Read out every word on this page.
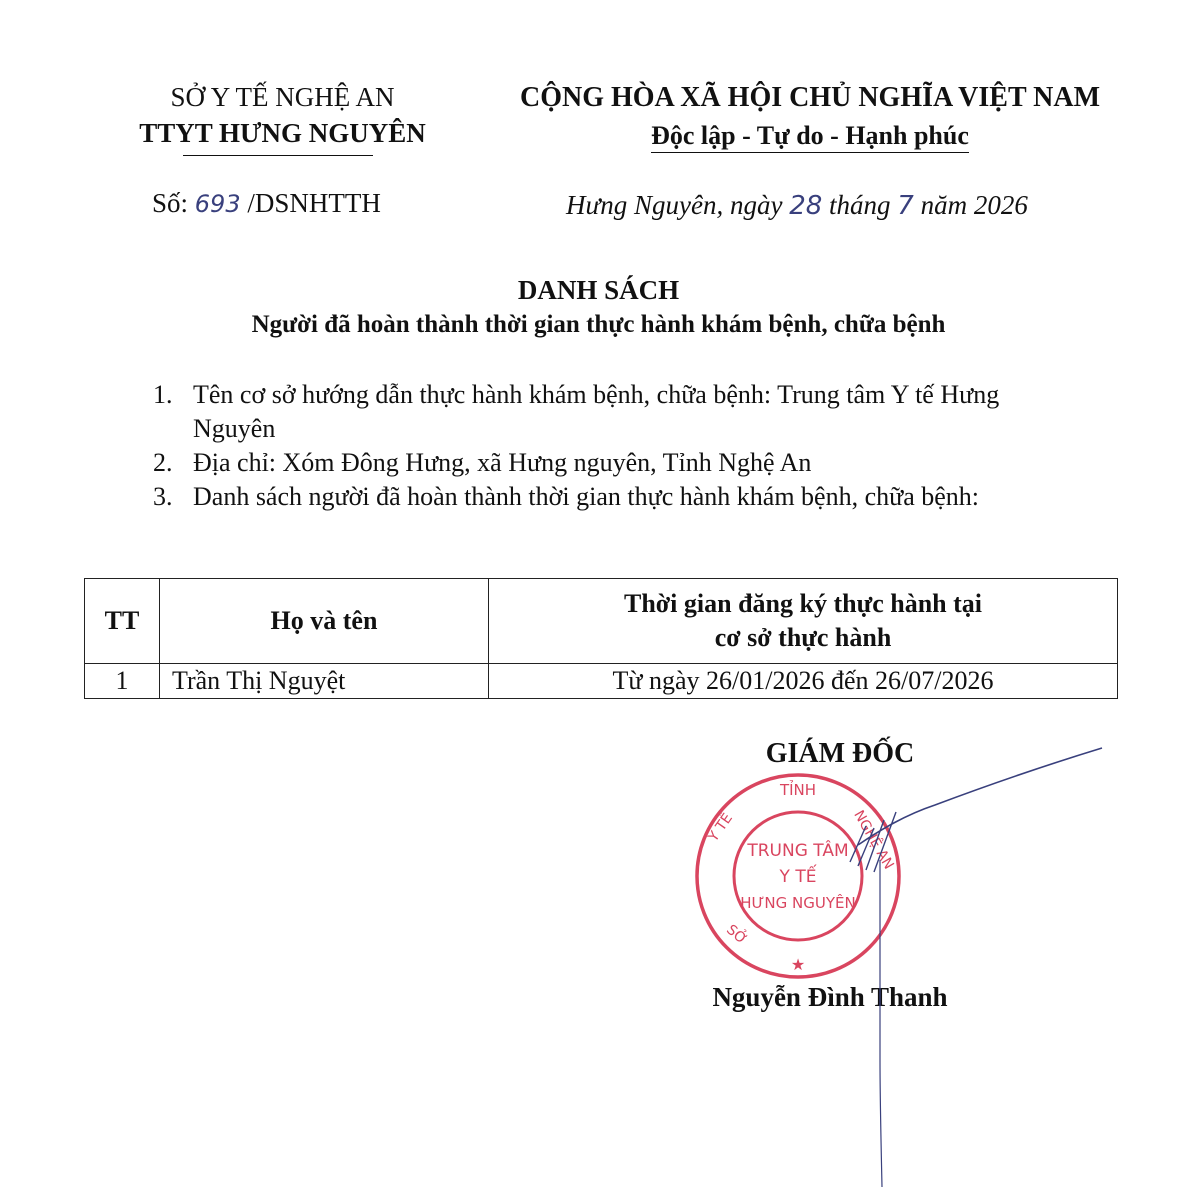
SỞ Y TẾ NGHỆ AN
TTYT HƯNG NGUYÊN
CỘNG HÒA XÃ HỘI CHỦ NGHĨA VIỆT NAM
Độc lập - Tự do - Hạnh phúc
Số: 693 /DSNHTTH	Hưng Nguyên, ngày 28 tháng 7 năm 2026
DANH SÁCH
Người đã hoàn thành thời gian thực hành khám bệnh, chữa bệnh
1. Tên cơ sở hướng dẫn thực hành khám bệnh, chữa bệnh: Trung tâm Y tế Hưng Nguyên
2. Địa chỉ: Xóm Đông Hưng, xã Hưng nguyên, Tỉnh Nghệ An
3. Danh sách người đã hoàn thành thời gian thực hành khám bệnh, chữa bệnh:
TT	Họ và tên	Thời gian đăng ký thực hành tại
cơ sở thực hành

1	Trần Thị Nguyệt	Từ ngày 26/01/2026 đến 26/07/2026
GIÁM ĐỐC
TỈNH
Y TẾ	NGHỆ AN
SỞ
TRUNG TÂM
Y TẾ
HƯNG NGUYÊN
★
Nguyễn Đình Thanh
